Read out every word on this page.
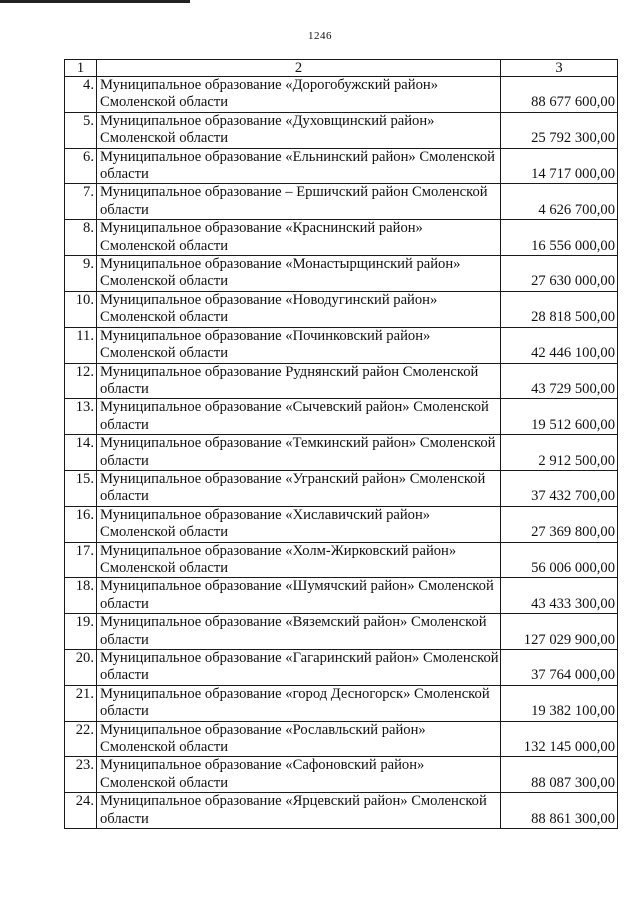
1246
1	2	3
4.	Муниципальное образование «Дорогобужский район» Смоленской области	88 677 600,00
5.	Муниципальное образование «Духовщинский район» Смоленской области	25 792 300,00
6.	Муниципальное образование «Ельнинский район» Смоленской области	14 717 000,00
7.	Муниципальное образование – Ершичский район Смоленской области	4 626 700,00
8.	Муниципальное образование «Краснинский район» Смоленской области	16 556 000,00
9.	Муниципальное образование «Монастырщинский район» Смоленской области	27 630 000,00
10.	Муниципальное образование «Новодугинский район» Смоленской области	28 818 500,00
11.	Муниципальное образование «Починковский район» Смоленской области	42 446 100,00
12.	Муниципальное образование Руднянский район Смоленской области	43 729 500,00
13.	Муниципальное образование «Сычевский район» Смоленской области	19 512 600,00
14.	Муниципальное образование «Темкинский район» Смоленской области	2 912 500,00
15.	Муниципальное образование «Угранский район» Смоленской области	37 432 700,00
16.	Муниципальное образование «Хиславичский район» Смоленской области	27 369 800,00
17.	Муниципальное образование «Холм-Жирковский район» Смоленской области	56 006 000,00
18.	Муниципальное образование «Шумячский район» Смоленской области	43 433 300,00
19.	Муниципальное образование «Вяземский район» Смоленской области	127 029 900,00
20.	Муниципальное образование «Гагаринский район» Смоленской области	37 764 000,00
21.	Муниципальное образование «город Десногорск» Смоленской области	19 382 100,00
22.	Муниципальное образование «Рославльский район» Смоленской области	132 145 000,00
23.	Муниципальное образование «Сафоновский район» Смоленской области	88 087 300,00
24.	Муниципальное образование «Ярцевский район» Смоленской области	88 861 300,00
